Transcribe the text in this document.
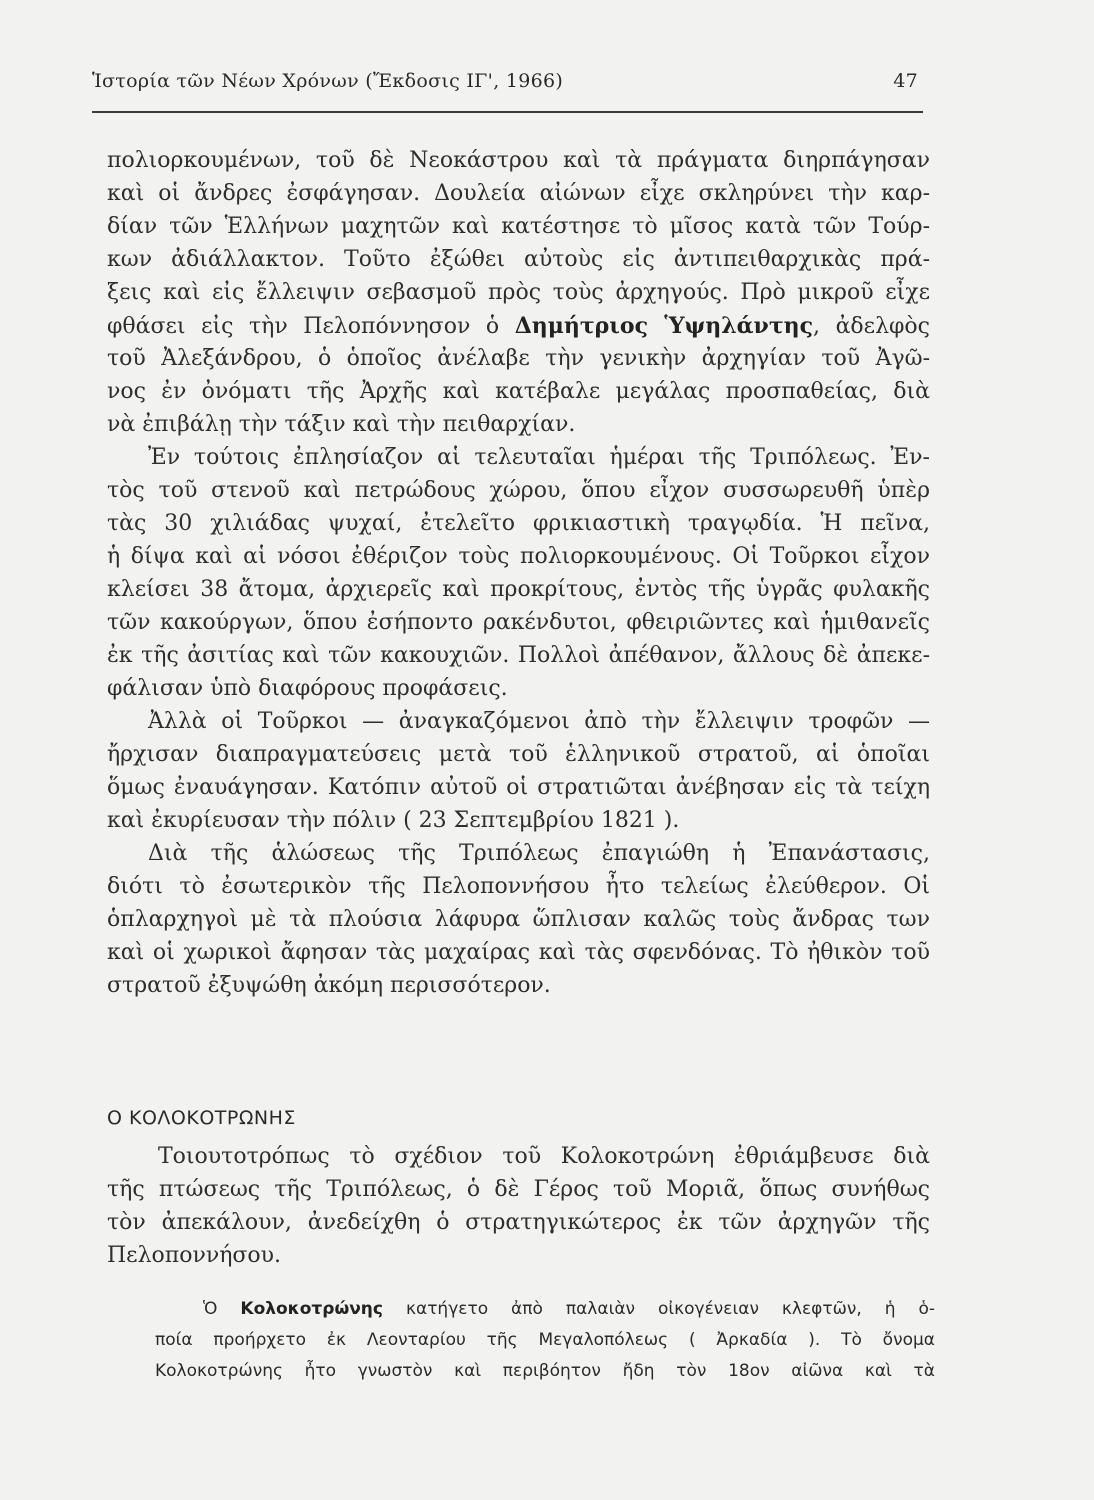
Ἱστορία τῶν Νέων Χρόνων (Ἔκδοσις ΙΓ', 1966)	47
πολιορκουμένων, τοῦ δὲ Νεοκάστρου καὶ τὰ πράγματα διηρπάγησαν
καὶ οἱ ἄνδρες ἐσφάγησαν. Δουλεία αἰώνων εἶχε σκληρύνει τὴν καρ-
δίαν τῶν Ἑλλήνων μαχητῶν καὶ κατέστησε τὸ μῖσος κατὰ τῶν Τούρ-
κων ἀδιάλλακτον. Τοῦτο ἐξώθει αὐτοὺς εἰς ἀντιπειθαρχικὰς πρά-
ξεις καὶ εἰς ἔλλειψιν σεβασμοῦ πρὸς τοὺς ἀρχηγούς. Πρὸ μικροῦ εἶχε
φθάσει εἰς τὴν Πελοπόννησον ὁ Δημήτριος Ὑψηλάντης, ἀδελφὸς
τοῦ Ἀλεξάνδρου, ὁ ὁποῖος ἀνέλαβε τὴν γενικὴν ἀρχηγίαν τοῦ Ἀγῶ-
νος ἐν ὀνόματι τῆς Ἀρχῆς καὶ κατέβαλε μεγάλας προσπαθείας, διὰ
νὰ ἐπιβάλῃ τὴν τάξιν καὶ τὴν πειθαρχίαν.
Ἐν τούτοις ἐπλησίαζον αἱ τελευταῖαι ἡμέραι τῆς Τριπόλεως. Ἐν-
τὸς τοῦ στενοῦ καὶ πετρώδους χώρου, ὅπου εἶχον συσσωρευθῆ ὑπὲρ
τὰς 30 χιλιάδας ψυχαί, ἐτελεῖτο φρικιαστικὴ τραγῳδία. Ἡ πεῖνα,
ἡ δίψα καὶ αἱ νόσοι ἐθέριζον τοὺς πολιορκουμένους. Οἱ Τοῦρκοι εἶχον
κλείσει 38 ἄτομα, ἀρχιερεῖς καὶ προκρίτους, ἐντὸς τῆς ὑγρᾶς φυλακῆς
τῶν κακούργων, ὅπου ἐσήποντο ρακένδυτοι, φθειριῶντες καὶ ἡμιθανεῖς
ἐκ τῆς ἀσιτίας καὶ τῶν κακουχιῶν. Πολλοὶ ἀπέθανον, ἄλλους δὲ ἀπεκε-
φάλισαν ὑπὸ διαφόρους προφάσεις.
Ἀλλὰ οἱ Τοῦρκοι — ἀναγκαζόμενοι ἀπὸ τὴν ἔλλειψιν τροφῶν —
ἤρχισαν διαπραγματεύσεις μετὰ τοῦ ἑλληνικοῦ στρατοῦ, αἱ ὁποῖαι
ὅμως ἐναυάγησαν. Κατόπιν αὐτοῦ οἱ στρατιῶται ἀνέβησαν εἰς τὰ τείχη
καὶ ἐκυρίευσαν τὴν πόλιν ( 23 Σεπτεμβρίου 1821 ).
Διὰ τῆς ἁλώσεως τῆς Τριπόλεως ἐπαγιώθη ἡ Ἐπανάστασις,
διότι τὸ ἐσωτερικὸν τῆς Πελοποννήσου ἦτο τελείως ἐλεύθερον. Οἱ
ὁπλαρχηγοὶ μὲ τὰ πλούσια λάφυρα ὥπλισαν καλῶς τοὺς ἄνδρας των
καὶ οἱ χωρικοὶ ἄφησαν τὰς μαχαίρας καὶ τὰς σφενδόνας. Τὸ ἠθικὸν τοῦ
στρατοῦ ἐξυψώθη ἀκόμη περισσότερον.
Ο ΚΟΛΟΚΟΤΡΩΝΗΣ
Τοιουτοτρόπως τὸ σχέδιον τοῦ Κολοκοτρώνη ἐθριάμβευσε διὰ
τῆς πτώσεως τῆς Τριπόλεως, ὁ δὲ Γέρος τοῦ Μοριᾶ, ὅπως συνήθως
τὸν ἀπεκάλουν, ἀνεδείχθη ὁ στρατηγικώτερος ἐκ τῶν ἀρχηγῶν τῆς
Πελοποννήσου.
Ὁ Κολοκοτρώνης κατήγετο ἀπὸ παλαιὰν οἰκογένειαν κλεφτῶν, ἡ ὁ-
ποία προήρχετο ἐκ Λεονταρίου τῆς Μεγαλοπόλεως ( Ἀρκαδία ). Τὸ ὄνομα
Κολοκοτρώνης ἦτο γνωστὸν καὶ περιβόητον ἤδη τὸν 18ον αἰῶνα καὶ τὰ
